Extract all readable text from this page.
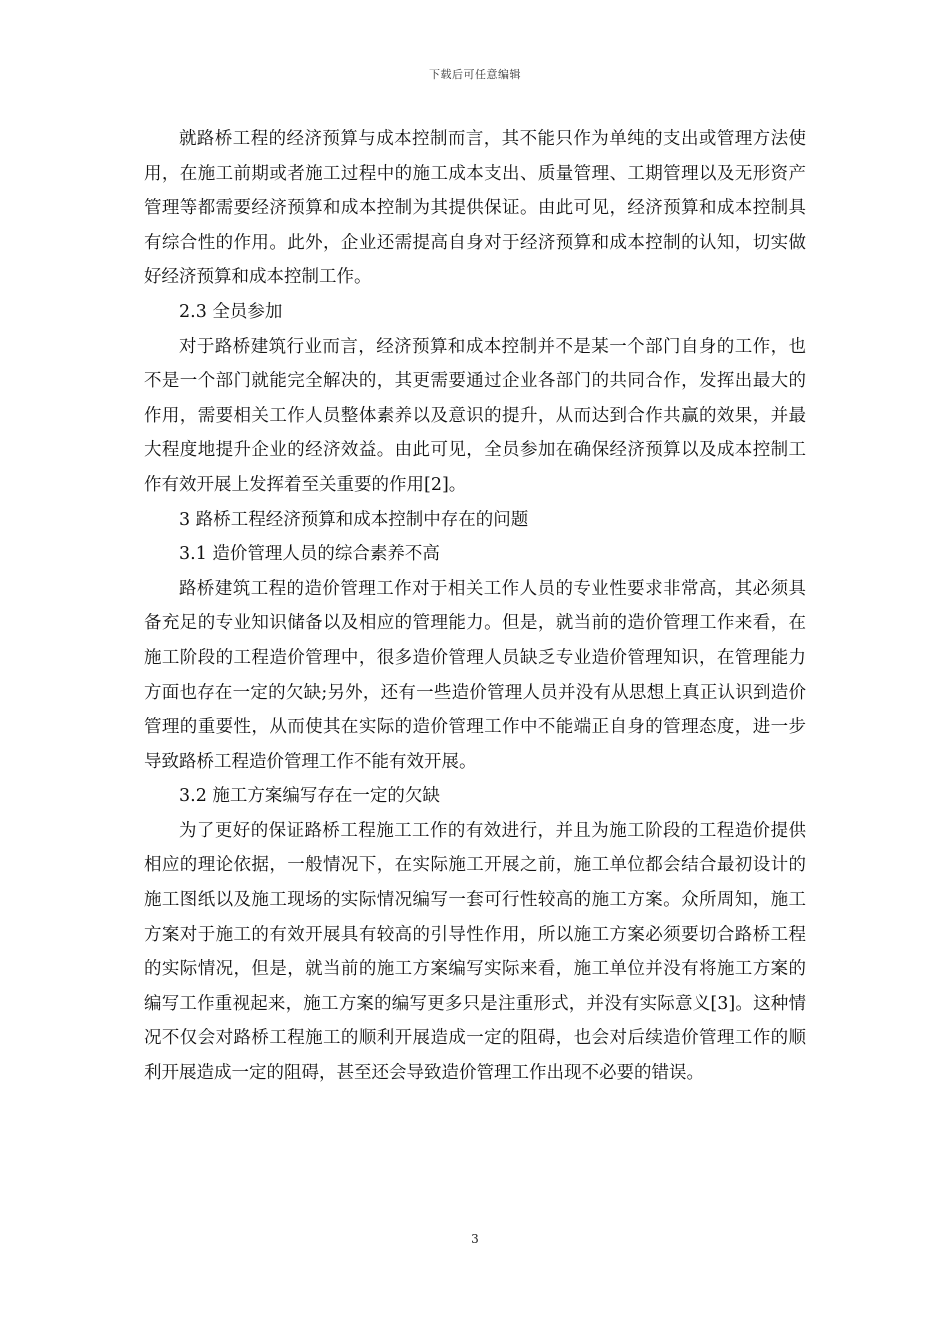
下载后可任意编辑

就路桥工程的经济预算与成本控制而言，其不能只作为单纯的支出或管理方法使用，在施工前期或者施工过程中的施工成本支出、质量管理、工期管理以及无形资产管理等都需要经济预算和成本控制为其提供保证。由此可见，经济预算和成本控制具有综合性的作用。此外，企业还需提高自身对于经济预算和成本控制的认知，切实做好经济预算和成本控制工作。

2.3 全员参加

对于路桥建筑行业而言，经济预算和成本控制并不是某一个部门自身的工作，也不是一个部门就能完全解决的，其更需要通过企业各部门的共同合作，发挥出最大的作用，需要相关工作人员整体素养以及意识的提升，从而达到合作共赢的效果，并最大程度地提升企业的经济效益。由此可见，全员参加在确保经济预算以及成本控制工作有效开展上发挥着至关重要的作用[2]。

3 路桥工程经济预算和成本控制中存在的问题

3.1 造价管理人员的综合素养不高

路桥建筑工程的造价管理工作对于相关工作人员的专业性要求非常高，其必须具备充足的专业知识储备以及相应的管理能力。但是，就当前的造价管理工作来看，在施工阶段的工程造价管理中，很多造价管理人员缺乏专业造价管理知识，在管理能力方面也存在一定的欠缺;另外，还有一些造价管理人员并没有从思想上真正认识到造价管理的重要性，从而使其在实际的造价管理工作中不能端正自身的管理态度，进一步导致路桥工程造价管理工作不能有效开展。

3.2 施工方案编写存在一定的欠缺

为了更好的保证路桥工程施工工作的有效进行，并且为施工阶段的工程造价提供相应的理论依据，一般情况下，在实际施工开展之前，施工单位都会结合最初设计的施工图纸以及施工现场的实际情况编写一套可行性较高的施工方案。众所周知，施工方案对于施工的有效开展具有较高的引导性作用，所以施工方案必须要切合路桥工程的实际情况，但是，就当前的施工方案编写实际来看，施工单位并没有将施工方案的编写工作重视起来，施工方案的编写更多只是注重形式，并没有实际意义[3]。这种情况不仅会对路桥工程施工的顺利开展造成一定的阻碍，也会对后续造价管理工作的顺利开展造成一定的阻碍，甚至还会导致造价管理工作出现不必要的错误。

3
